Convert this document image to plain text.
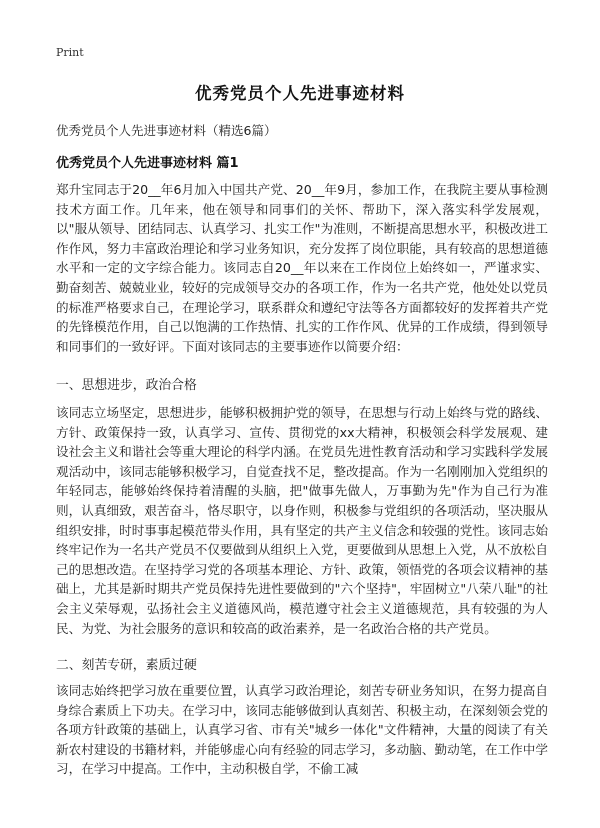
Print
优秀党员个人先进事迹材料
优秀党员个人先进事迹材料（精选6篇）
优秀党员个人先进事迹材料 篇1
郑升宝同志于20__年6月加入中国共产党、20__年9月，参加工作，在我院主要从事检测技术方面工作。几年来，他在领导和同事们的关怀、帮助下，深入落实科学发展观，以"服从领导、团结同志、认真学习、扎实工作"为准则，不断提高思想水平，积极改进工作作风，努力丰富政治理论和学习业务知识，充分发挥了岗位职能，具有较高的思想道德水平和一定的文字综合能力。该同志自20__年以来在工作岗位上始终如一，严谨求实、勤奋刻苦、兢兢业业，较好的完成领导交办的各项工作，作为一名共产党，他处处以党员的标准严格要求自己，在理论学习，联系群众和遵纪守法等各方面都较好的发挥着共产党的先锋模范作用，自己以饱满的工作热情、扎实的工作作风、优异的工作成绩，得到领导和同事们的一致好评。下面对该同志的主要事迹作以简要介绍：
一、思想进步，政治合格
该同志立场坚定，思想进步，能够积极拥护党的领导，在思想与行动上始终与党的路线、方针、政策保持一致，认真学习、宣传、贯彻党的xx大精神，积极领会科学发展观、建设社会主义和谐社会等重大理论的科学内涵。在党员先进性教育活动和学习实践科学发展观活动中，该同志能够积极学习，自觉查找不足，整改提高。作为一名刚刚加入党组织的年轻同志，能够始终保持着清醒的头脑，把"做事先做人，万事勤为先"作为自己行为准则，认真细致，艰苦奋斗，恪尽职守，以身作则，积极参与党组织的各项活动，坚决服从组织安排，时时事事起模范带头作用，具有坚定的共产主义信念和较强的党性。该同志始终牢记作为一名共产党员不仅要做到从组织上入党，更要做到从思想上入党，从不放松自己的思想改造。在坚持学习党的各项基本理论、方针、政策，领悟党的各项会议精神的基础上，尤其是新时期共产党员保持先进性要做到的"六个坚持"，牢固树立"八荣八耻"的社会主义荣辱观，弘扬社会主义道德风尚，模范遵守社会主义道德规范，具有较强的为人民、为党、为社会服务的意识和较高的政治素养，是一名政治合格的共产党员。
二、刻苦专研，素质过硬
该同志始终把学习放在重要位置，认真学习政治理论，刻苦专研业务知识，在努力提高自身综合素质上下功夫。在学习中，该同志能够做到认真刻苦、积极主动，在深刻领会党的各项方针政策的基础上，认真学习省、市有关"城乡一体化"文件精神，大量的阅读了有关新农村建设的书籍材料，并能够虚心向有经验的同志学习，多动脑、勤动笔，在工作中学习，在学习中提高。工作中，主动积极自学，不偷工减
